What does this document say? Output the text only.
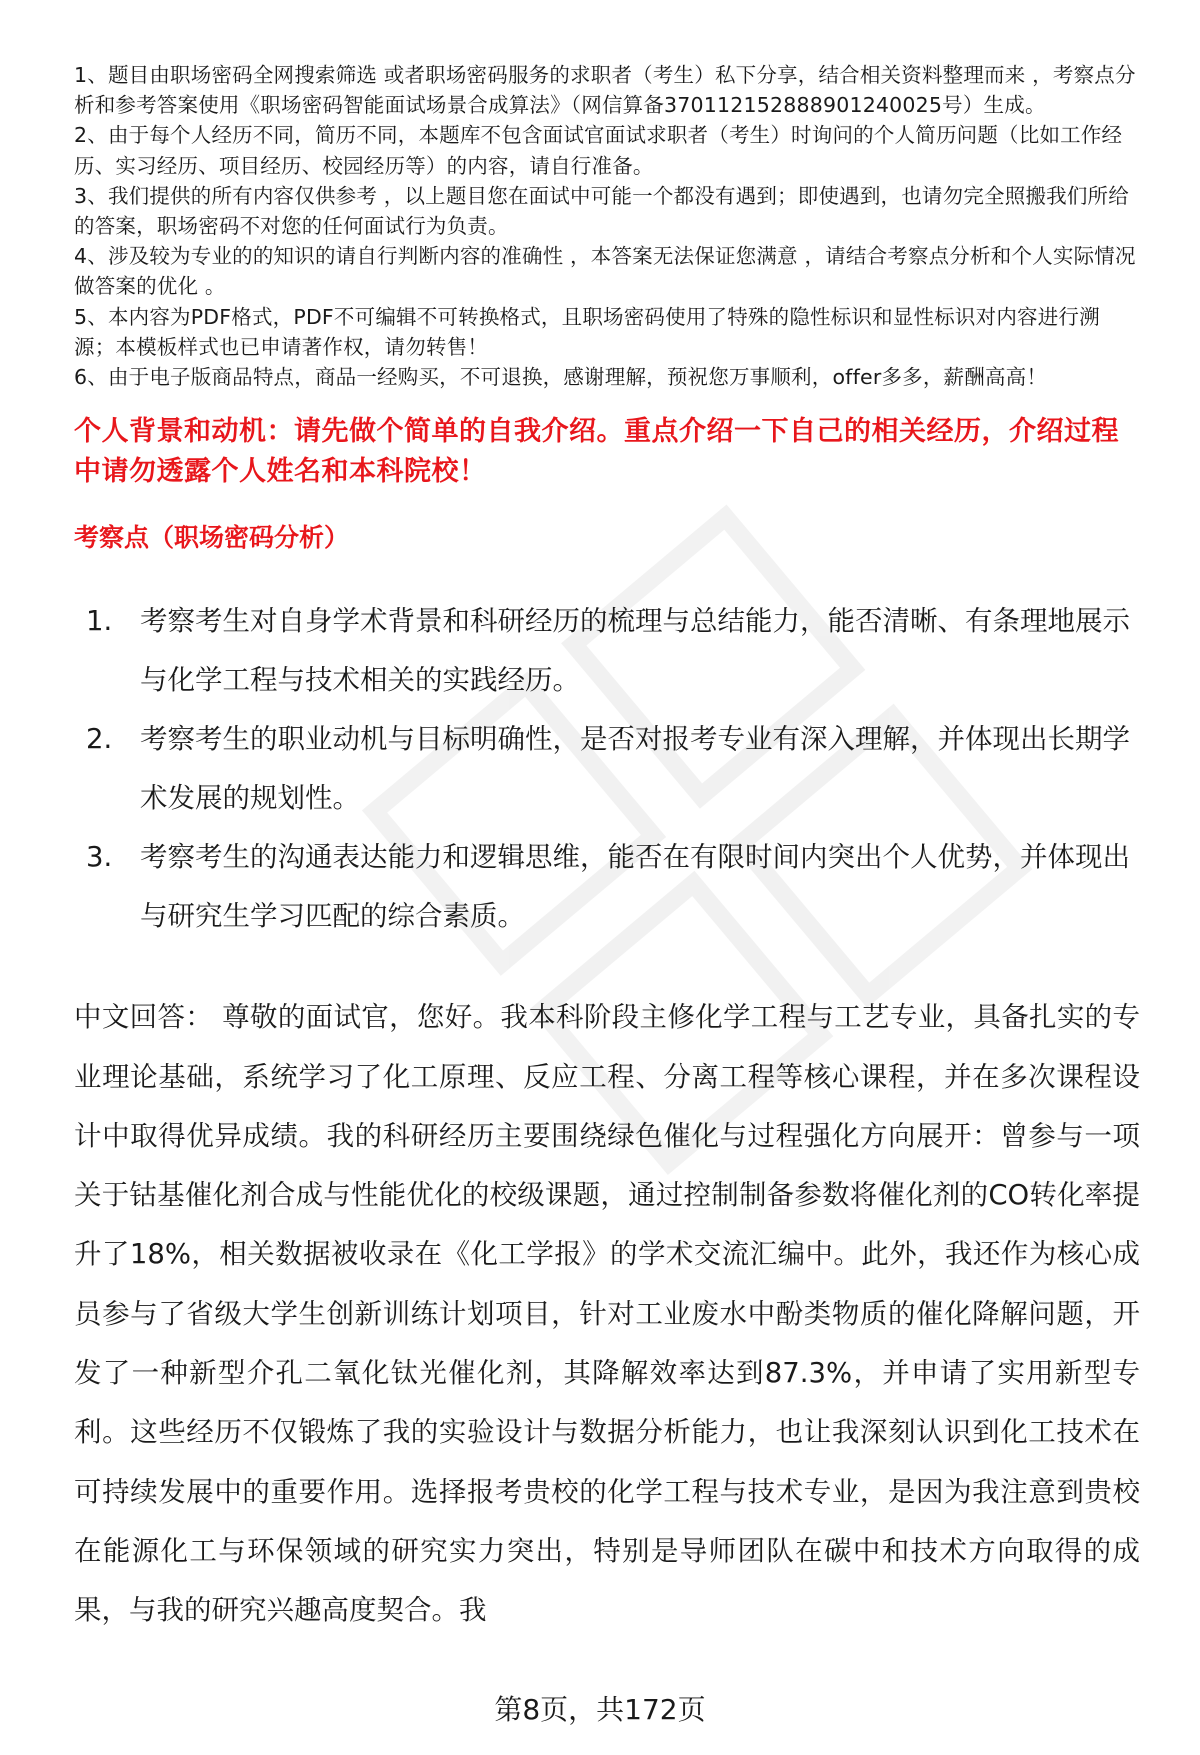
1、题目由职场密码全网搜索筛选 或者职场密码服务的求职者（考生）私下分享，结合相关资料整理而来 ，考察点分析和参考答案使用《职场密码智能面试场景合成算法》（网信算备370112152888901240025号）生成。
2、由于每个人经历不同，简历不同，本题库不包含面试官面试求职者（考生）时询问的个人简历问题（比如工作经历、实习经历、项目经历、校园经历等）的内容，请自行准备。
3、我们提供的所有内容仅供参考 ，以上题目您在面试中可能一个都没有遇到；即使遇到，也请勿完全照搬我们所给的答案，职场密码不对您的任何面试行为负责。
4、涉及较为专业的的知识的请自行判断内容的准确性 ，本答案无法保证您满意 ，请结合考察点分析和个人实际情况做答案的优化 。
5、本内容为PDF格式，PDF不可编辑不可转换格式，且职场密码使用了特殊的隐性标识和显性标识对内容进行溯源；本模板样式也已申请著作权，请勿转售！
6、由于电子版商品特点，商品一经购买，不可退换，感谢理解，预祝您万事顺利，offer多多，薪酬高高！
个人背景和动机：请先做个简单的自我介绍。重点介绍一下自己的相关经历，介绍过程中请勿透露个人姓名和本科院校！
考察点（职场密码分析）
1. 考察考生对自身学术背景和科研经历的梳理与总结能力，能否清晰、有条理地展示与化学工程与技术相关的实践经历。
2. 考察考生的职业动机与目标明确性，是否对报考专业有深入理解，并体现出长期学术发展的规划性。
3. 考察考生的沟通表达能力和逻辑思维，能否在有限时间内突出个人优势，并体现出与研究生学习匹配的综合素质。
中文回答： 尊敬的面试官，您好。我本科阶段主修化学工程与工艺专业，具备扎实的专业理论基础，系统学习了化工原理、反应工程、分离工程等核心课程，并在多次课程设计中取得优异成绩。我的科研经历主要围绕绿色催化与过程强化方向展开：曾参与一项关于钴基催化剂合成与性能优化的校级课题，通过控制制备参数将催化剂的CO转化率提升了18%，相关数据被收录在《化工学报》的学术交流汇编中。此外，我还作为核心成员参与了省级大学生创新训练计划项目，针对工业废水中酚类物质的催化降解问题，开发了一种新型介孔二氧化钛光催化剂，其降解效率达到87.3%，并申请了实用新型专利。这些经历不仅锻炼了我的实验设计与数据分析能力，也让我深刻认识到化工技术在可持续发展中的重要作用。选择报考贵校的化学工程与技术专业，是因为我注意到贵校在能源化工与环保领域的研究实力突出，特别是导师团队在碳中和技术方向取得的成果，与我的研究兴趣高度契合。我
第8页，共172页
